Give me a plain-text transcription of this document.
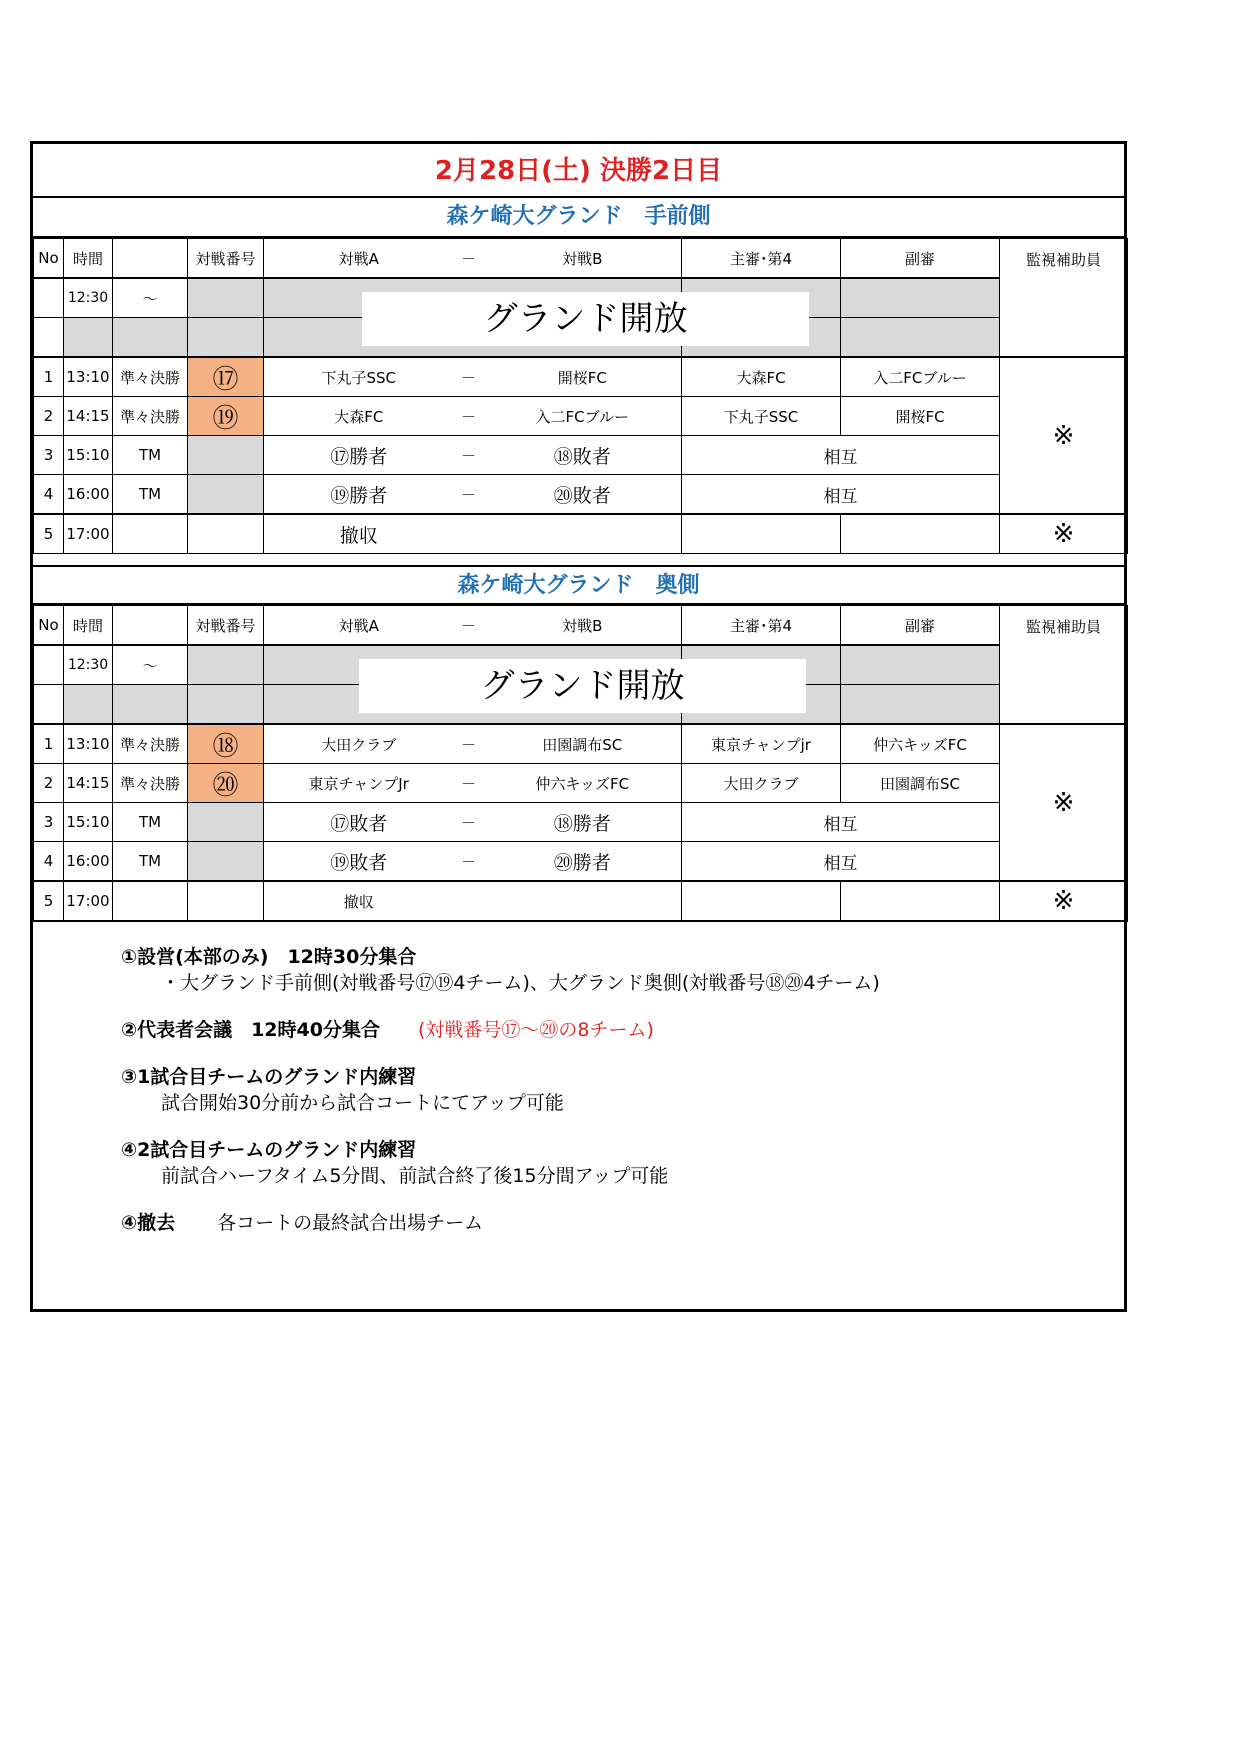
2月28日(土) 決勝2日目
森ケ崎大グランド　手前側
No	時間		対戦番号	対戦A	－	対戦B	主審･第4	副審	監視補助員
	12:30	～							

1	13:10	準々決勝	⑰	下丸子SSC	－	開桜FC	大森FC	入二FCブルー	※
2	14:15	準々決勝	⑲	大森FC	－	入二FCブルー	下丸子SSC	開桜FC	
3	15:10	TM		⑰勝者	－	⑱敗者	相互		
4	16:00	TM		⑲勝者	－	⑳敗者	相互		
5	17:00			撤収					※
グランド開放
森ケ崎大グランド　奥側
No	時間		対戦番号	対戦A	－	対戦B	主審･第4	副審	監視補助員
	12:30	～							

1	13:10	準々決勝	⑱	大田クラブ	－	田園調布SC	東京チャンプjr	仲六キッズFC	※
2	14:15	準々決勝	⑳	東京チャンプJr	－	仲六キッズFC	大田クラブ	田園調布SC	
3	15:10	TM		⑰敗者	－	⑱勝者	相互		
4	16:00	TM		⑲敗者	－	⑳勝者	相互		
5	17:00			撤収					※
グランド開放
①設営(本部のみ)　12時30分集合
・大グランド手前側(対戦番号⑰⑲4チーム)、大グランド奥側(対戦番号⑱⑳4チーム)
②代表者会議　12時40分集合 (対戦番号⑰～⑳の8チーム)
③1試合目チームのグランド内練習
試合開始30分前から試合コートにてアップ可能
④2試合目チームのグランド内練習
前試合ハーフタイム5分間、前試合終了後15分間アップ可能
④撤去 各コートの最終試合出場チーム
